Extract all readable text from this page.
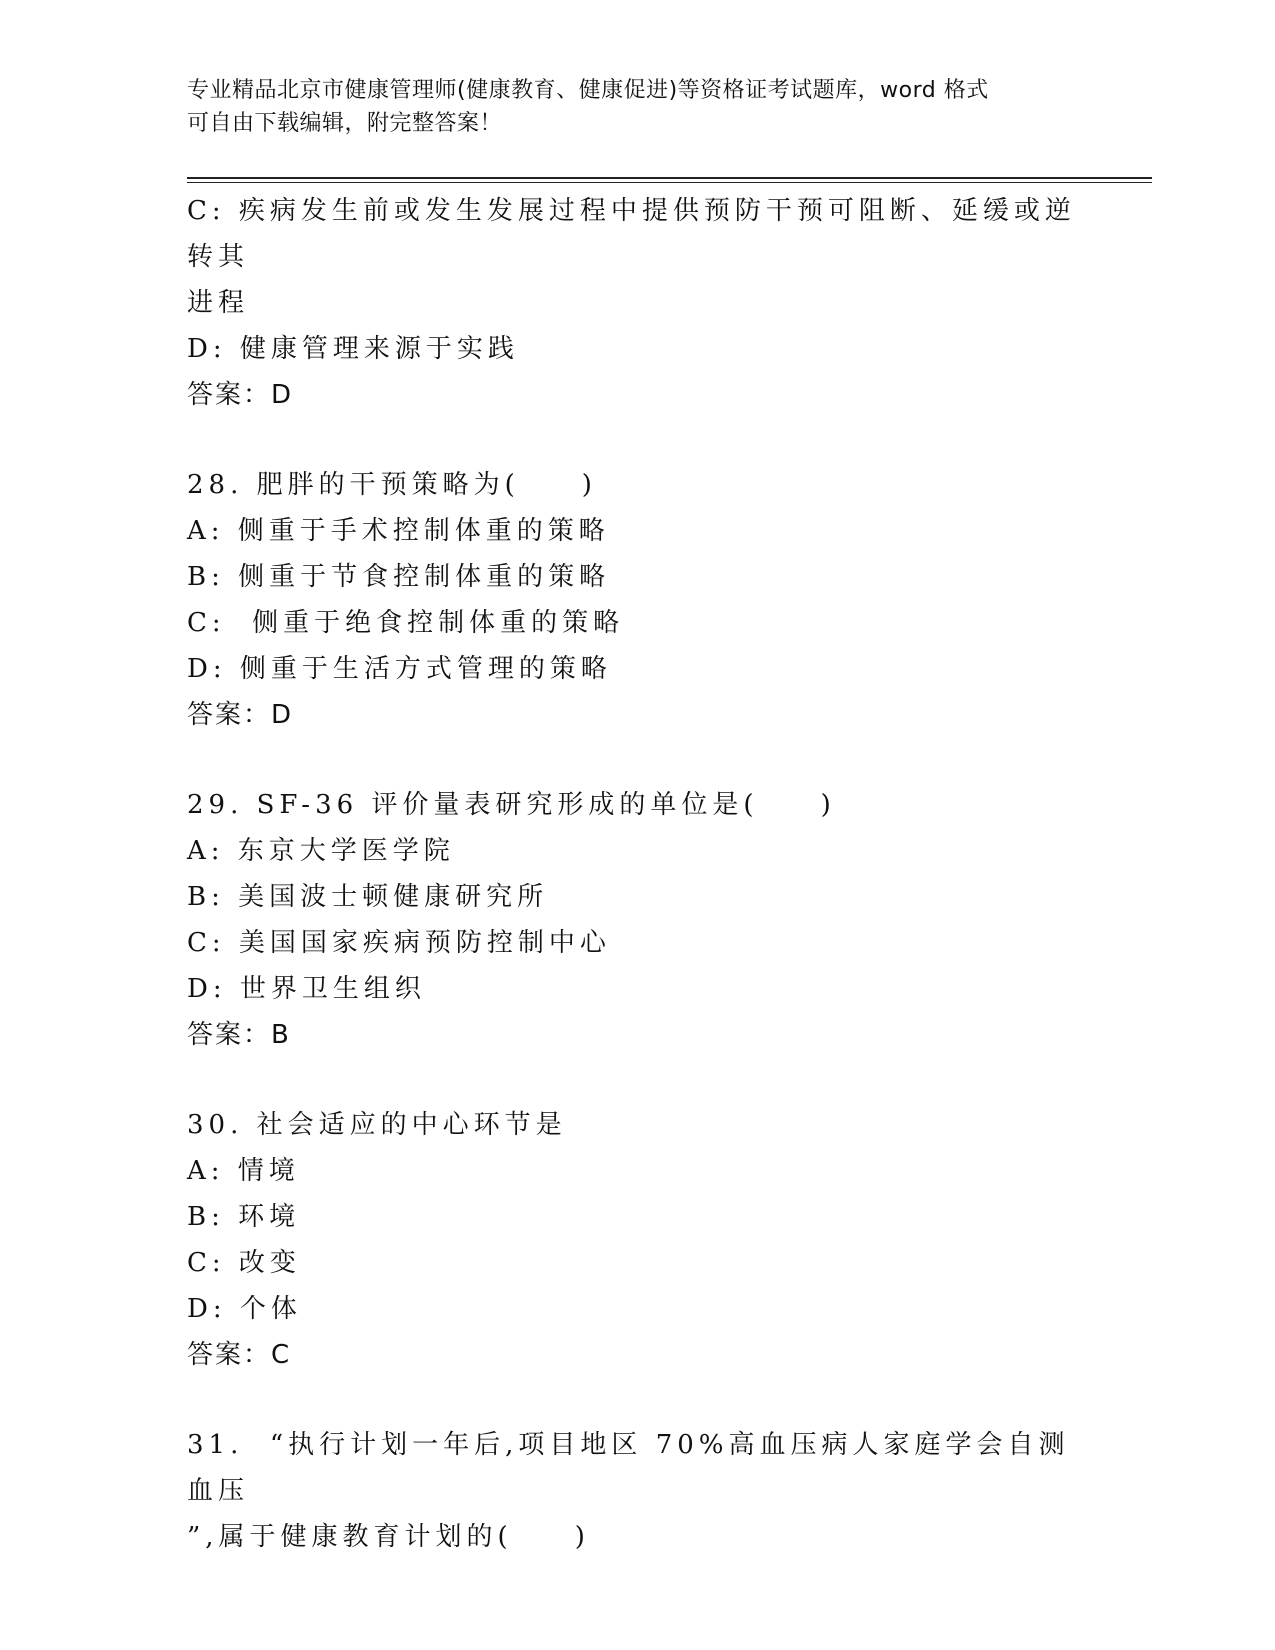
专业精品北京市健康管理师(健康教育、健康促进)等资格证考试题库，word 格式
可自由下载编辑，附完整答案！
C: 疾病发生前或发生发展过程中提供预防干预可阻断、延缓或逆转其
进程
D: 健康管理来源于实践
答案：D
28. 肥胖的干预策略为(　　)
A: 侧重于手术控制体重的策略
B: 侧重于节食控制体重的策略
C:  侧重于绝食控制体重的策略
D: 侧重于生活方式管理的策略
答案：D
29. SF-36 评价量表研究形成的单位是(　　)
A: 东京大学医学院
B: 美国波士顿健康研究所
C: 美国国家疾病预防控制中心
D: 世界卫生组织
答案：B
30. 社会适应的中心环节是
A: 情境
B: 环境
C: 改变
D: 个体
答案：C
31.  “执行计划一年后,项目地区 70%高血压病人家庭学会自测血压
”,属于健康教育计划的(　　)
